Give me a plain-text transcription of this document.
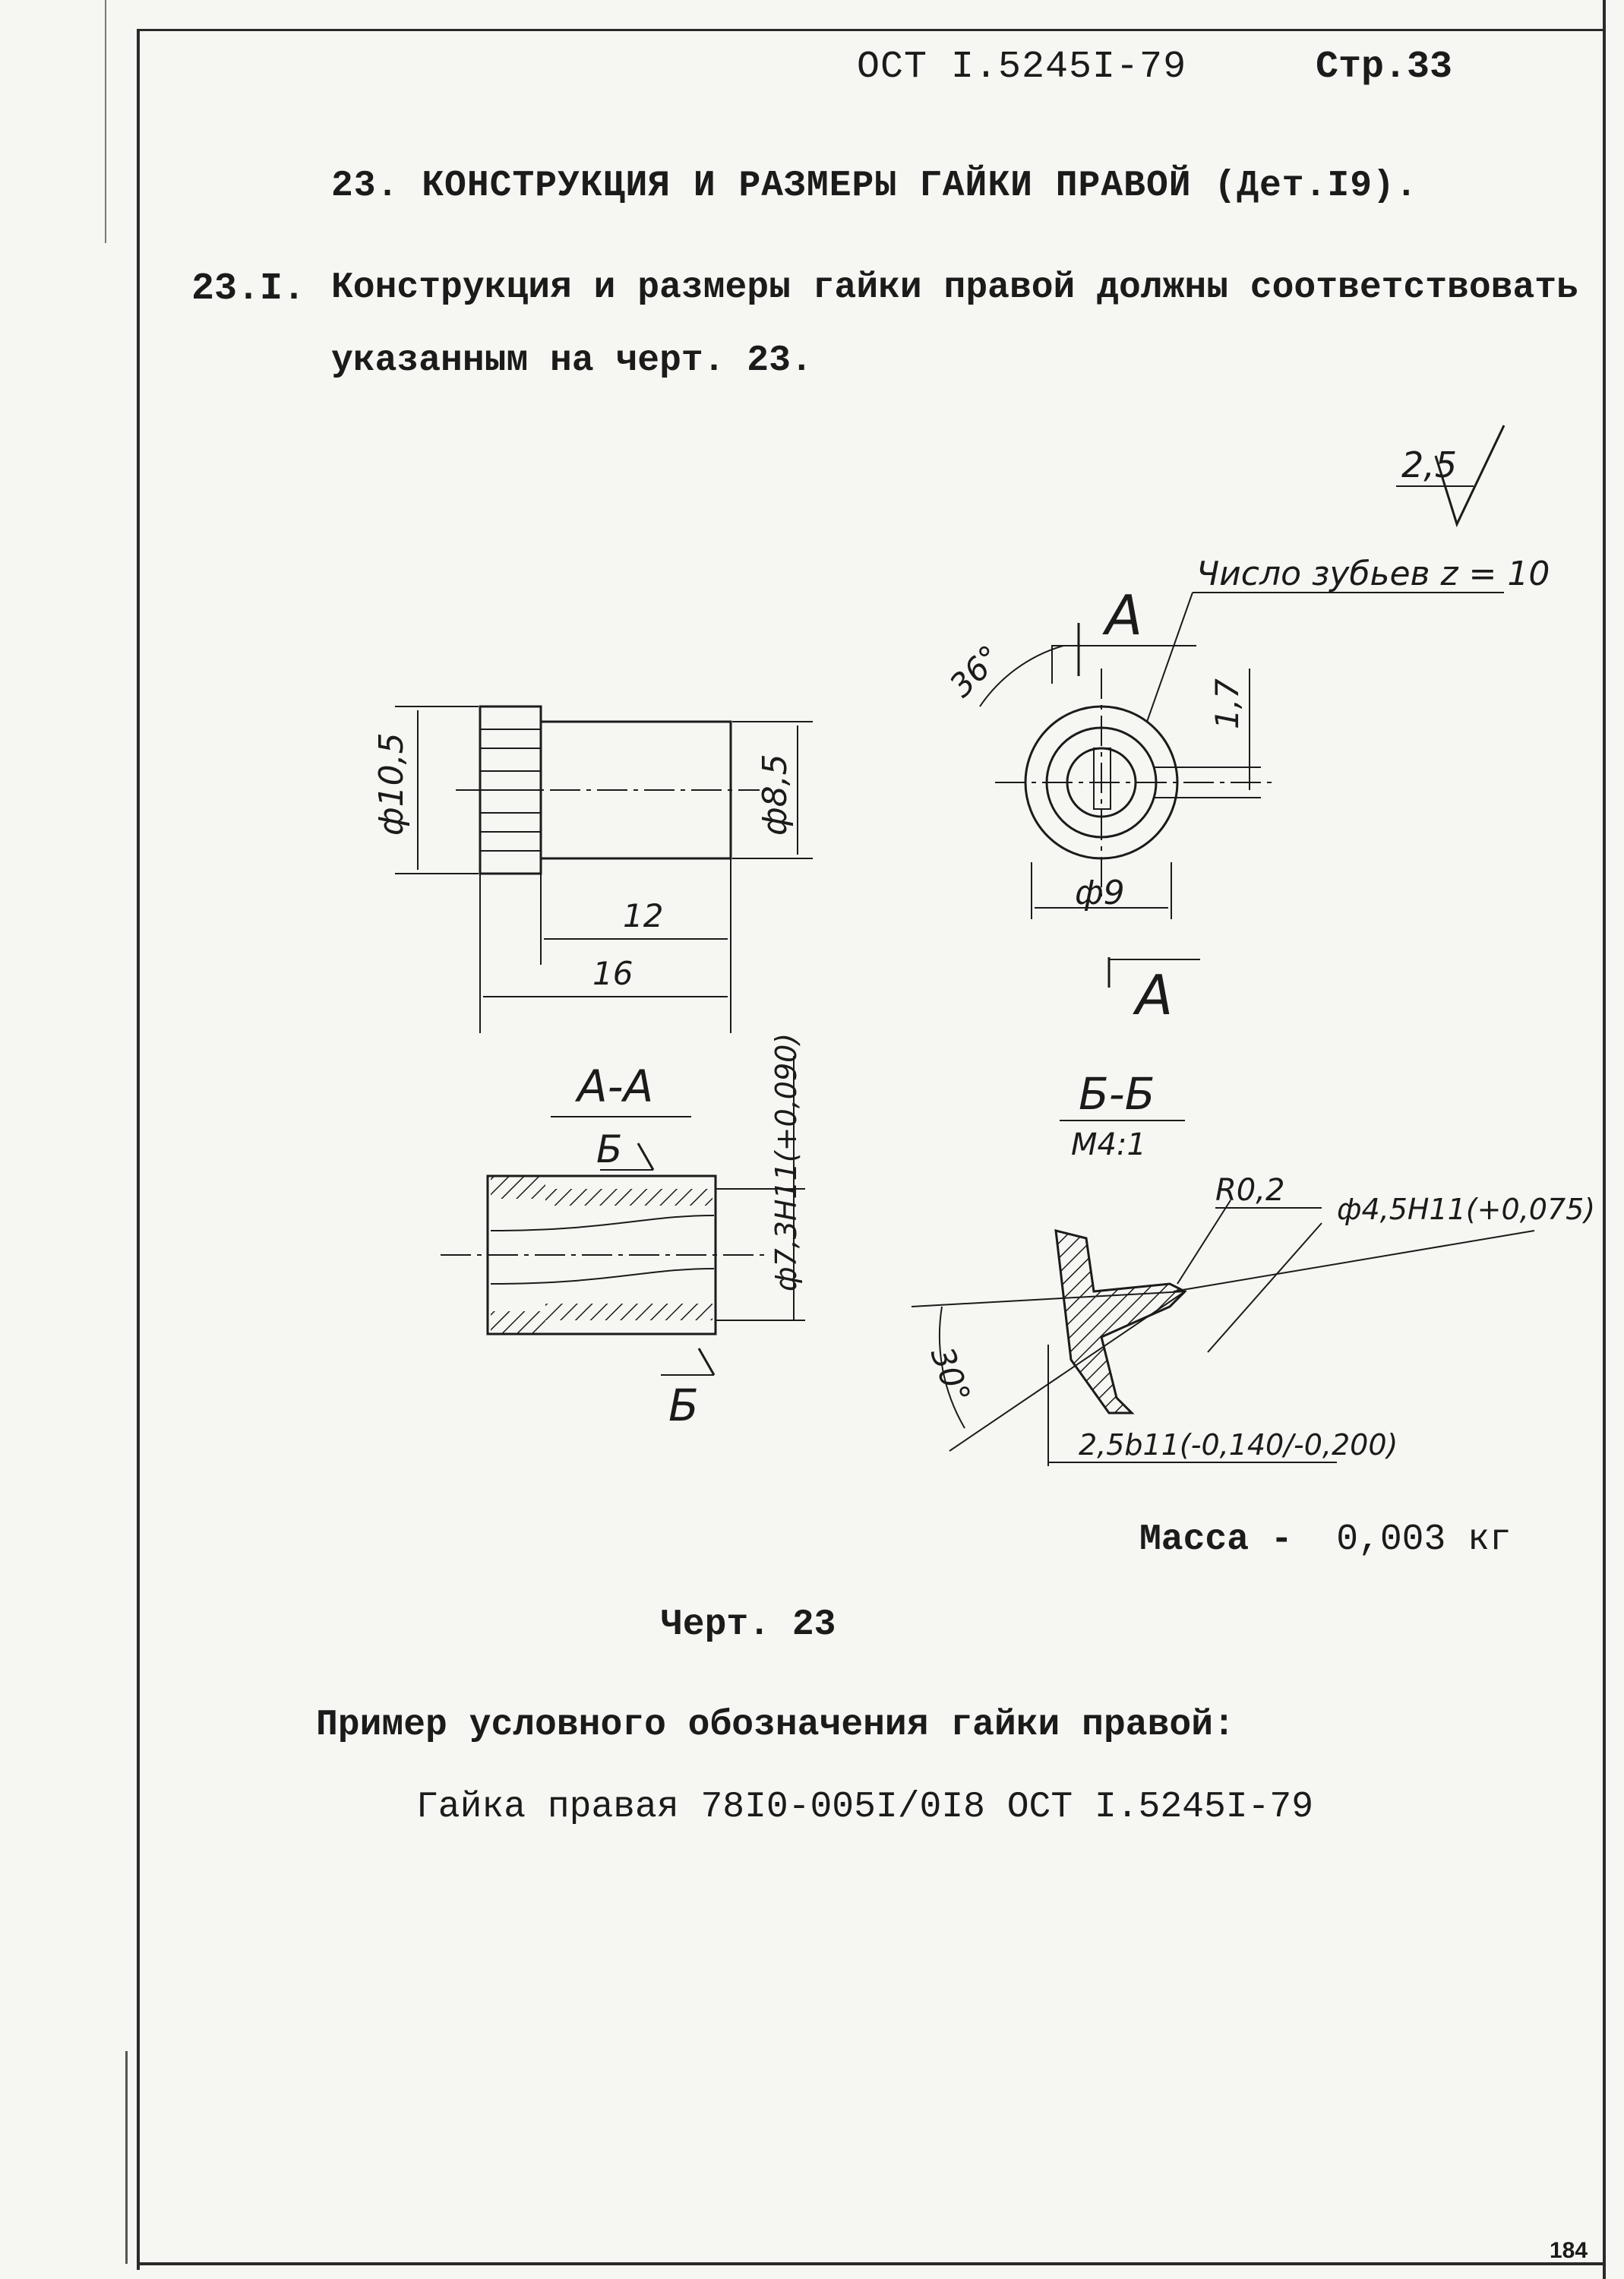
ОСТ I.5245I-79	Стр.33
23. КОНСТРУКЦИЯ И РАЗМЕРЫ ГАЙКИ ПРАВОЙ (Дет.I9).
23.I. Конструкция и размеры гайки правой должны соответствовать
указанным на черт. 23.
2,5
ф10,5	ф8,5
12
16
А
А
36°	1,7
ф9
Число зубьев z = 10
А-А
Б
Б
ф7,3H11(+0,090)	Б-Б
М4:1
R0,2
ф4,5H11(+0,075)
30°
2,5b11(-0,140/-0,200)
Масса - 0,003 кг
Черт. 23
Пример условного обозначения гайки правой:
Гайка правая 78I0-005I/0I8 ОСТ I.5245I-79
184
